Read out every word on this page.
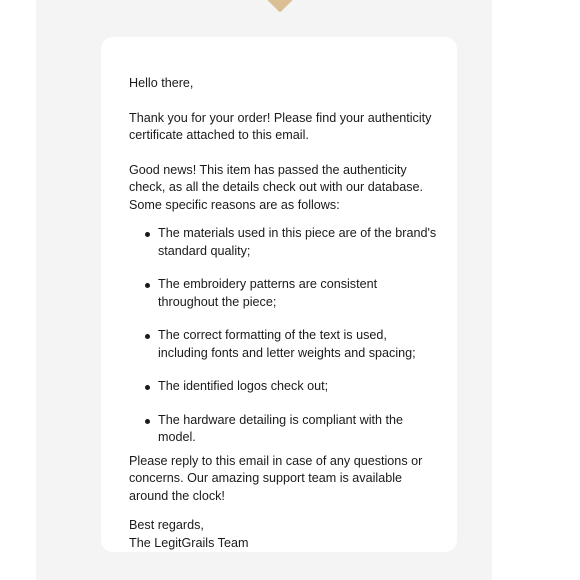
Hello there,

Thank you for your order! Please find your authenticity certificate attached to this email.

Good news! This item has passed the authenticity check, as all the details check out with our database. Some specific reasons are as follows:

The materials used in this piece are of the brand's standard quality;
The embroidery patterns are consistent throughout the piece;
The correct formatting of the text is used, including fonts and letter weights and spacing;
The identified logos check out;
The hardware detailing is compliant with the model.

Please reply to this email in case of any questions or concerns. Our amazing support team is available around the clock!

Best regards,
The LegitGrails Team
